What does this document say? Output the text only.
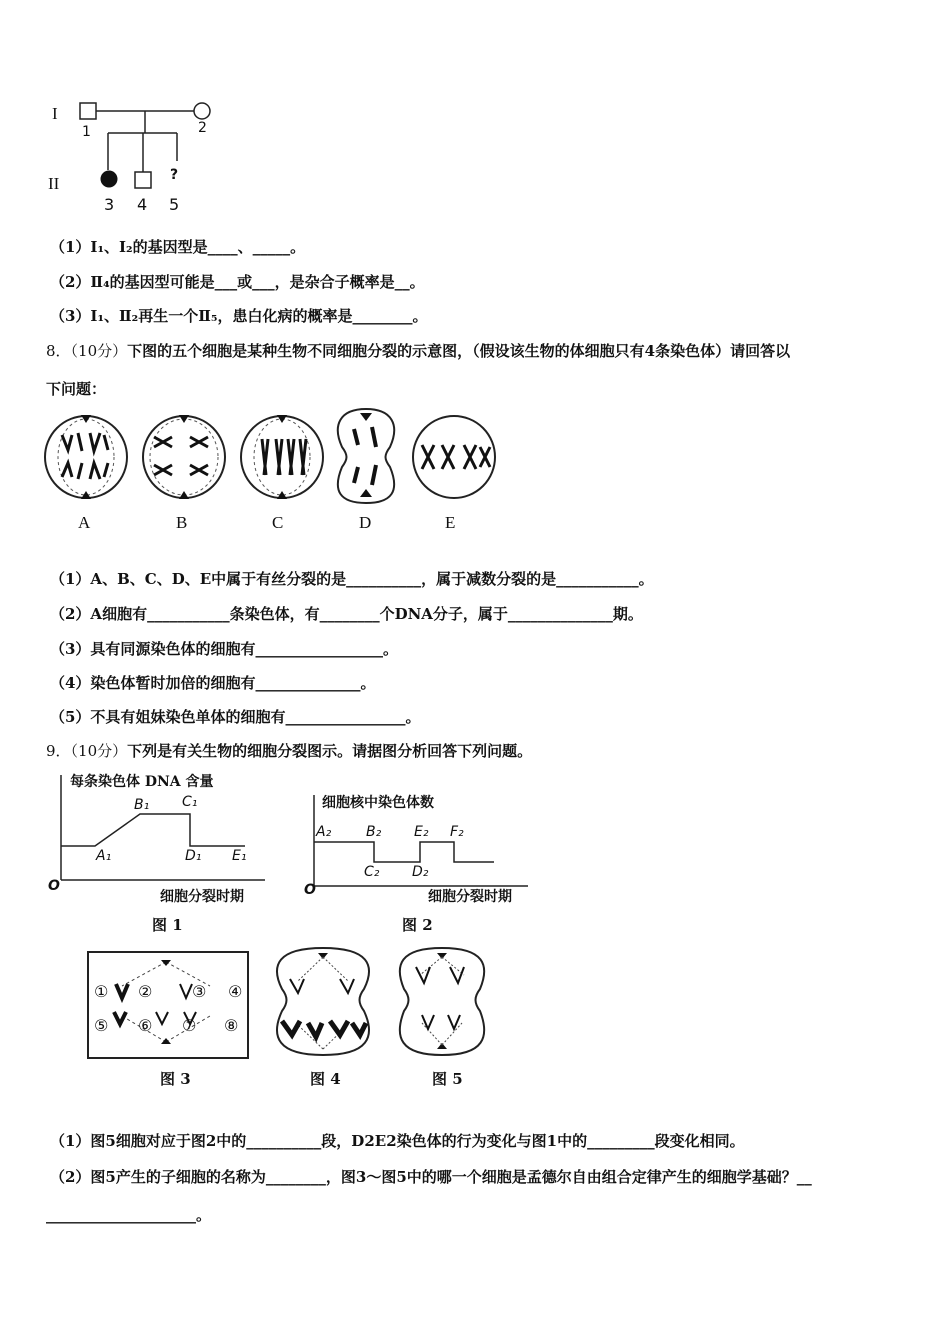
I
II
1	2
?
3 4 5
（1）Ⅰ₁、Ⅰ₂的基因型是____、_____。
（2）Ⅱ₄的基因型可能是___或___，是杂合子概率是__。
（3）Ⅰ₁、Ⅱ₂再生一个Ⅱ₅，患白化病的概率是________。
8．（10分）下图的五个细胞是某种生物不同细胞分裂的示意图，（假设该生物的体细胞只有4条染色体）请回答以
下问题：
A	B	C	D	E
（1）A、B、C、D、E中属于有丝分裂的是__________，属于减数分裂的是___________。
（2）A细胞有___________条染色体，有________个DNA分子，属于______________期。
（3）具有同源染色体的细胞有_________________。
（4）染色体暂时加倍的细胞有______________。
（5）不具有姐妹染色单体的细胞有________________。
9．（10分）下列是有关生物的细胞分裂图示。请据图分析回答下列问题。
每条染色体 DNA 含量
O
A₁
B₁ C₁
D₁ E₁
细胞分裂时期
图 1
细胞核中染色体数
O
A₂ B₂
C₂ D₂
E₂ F₂
细胞分裂时期
图 2
① ② ③ ④
⑤ ⑥ ⑦ ⑧
图 3	图 4	图 5
（1）图5细胞对应于图2中的__________段，D2E2染色体的行为变化与图1中的_________段变化相同。
（2）图5产生的子细胞的名称为________，图3～图5中的哪一个细胞是孟德尔自由组合定律产生的细胞学基础？__
____________________。
